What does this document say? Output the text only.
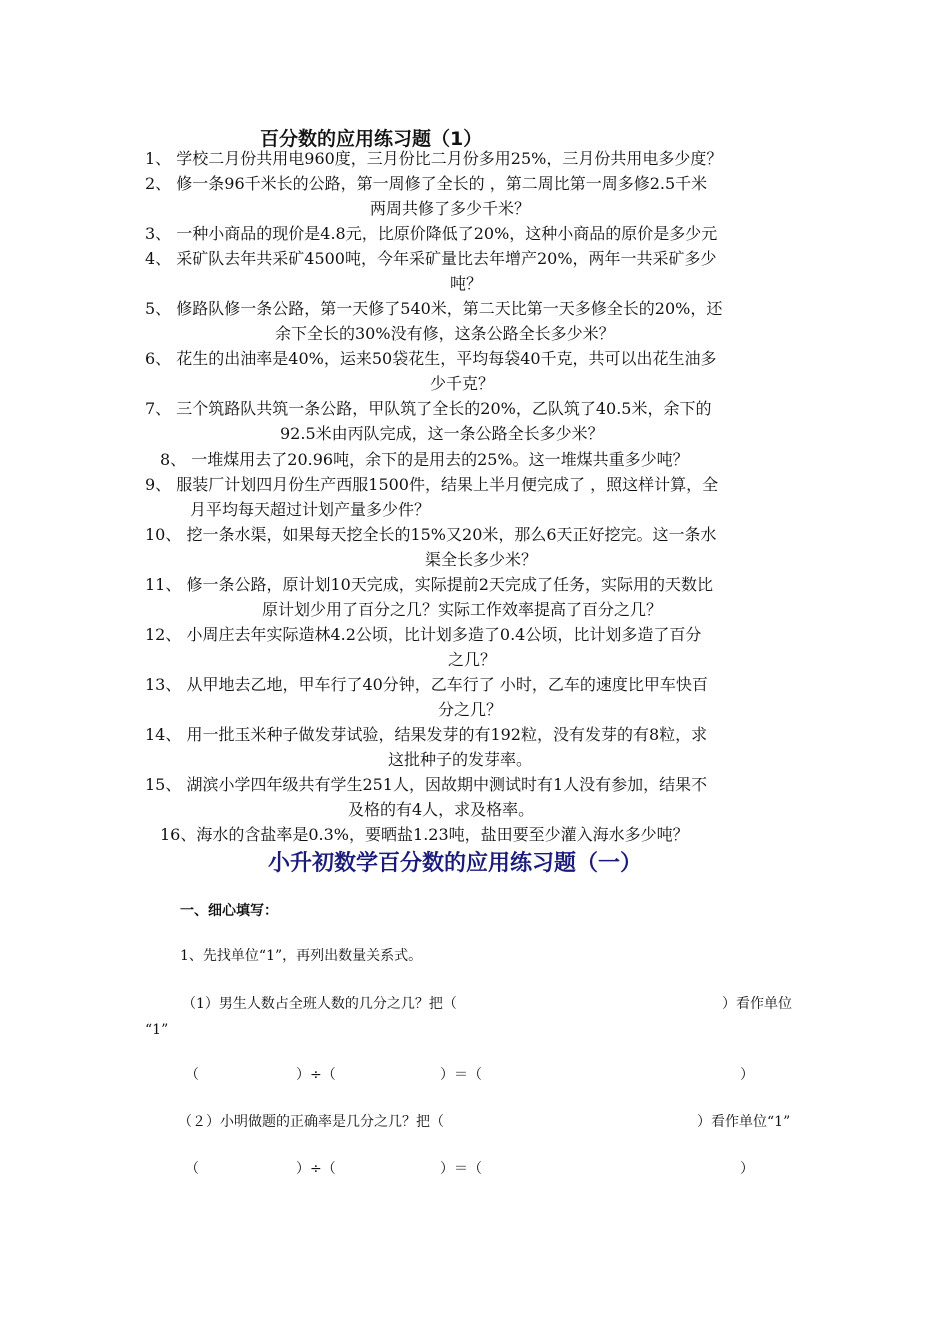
百分数的应用练习题（1）
1、 学校二月份共用电960度，三月份比二月份多用25%，三月份共用电多少度？
2、 修一条96千米长的公路，第一周修了全长的 ，第二周比第一周多修2.5千米
两周共修了多少千米？
3、 一种小商品的现价是4.8元，比原价降低了20%，这种小商品的原价是多少元
4、 采矿队去年共采矿4500吨，今年采矿量比去年增产20%，两年一共采矿多少
吨？
5、 修路队修一条公路，第一天修了540米，第二天比第一天多修全长的20%，还
余下全长的30%没有修，这条公路全长多少米？
6、 花生的出油率是40%，运来50袋花生，平均每袋40千克，共可以出花生油多
少千克？
7、 三个筑路队共筑一条公路，甲队筑了全长的20%，乙队筑了40.5米，余下的
92.5米由丙队完成，这一条公路全长多少米？
8、 一堆煤用去了20.96吨，余下的是用去的25%。这一堆煤共重多少吨？
9、 服装厂计划四月份生产西服1500件，结果上半月便完成了 ，照这样计算，全
月平均每天超过计划产量多少件？
10、 挖一条水渠，如果每天挖全长的15%又20米，那么6天正好挖完。这一条水
渠全长多少米？
11、 修一条公路，原计划10天完成，实际提前2天完成了任务，实际用的天数比
原计划少用了百分之几？实际工作效率提高了百分之几？
12、 小周庄去年实际造林4.2公顷，比计划多造了0.4公顷，比计划多造了百分
之几？
13、 从甲地去乙地，甲车行了40分钟，乙车行了 小时，乙车的速度比甲车快百
分之几？
14、 用一批玉米种子做发芽试验，结果发芽的有192粒，没有发芽的有8粒，求
这批种子的发芽率。
15、 湖滨小学四年级共有学生251人，因故期中测试时有1人没有参加，结果不
及格的有4人，求及格率。
16、海水的含盐率是0.3%，要晒盐1.23吨，盐田要至少灌入海水多少吨？
小升初数学百分数的应用练习题（一）
一、细心填写：
1、先找单位“1”，再列出数量关系式。
（1）男生人数占全班人数的几分之几？把（	）看作单位
“1”
（	）÷（	）＝（	）
（２）小明做题的正确率是几分之几？把（	）看作单位“1”
（	）÷（	）＝（	）
